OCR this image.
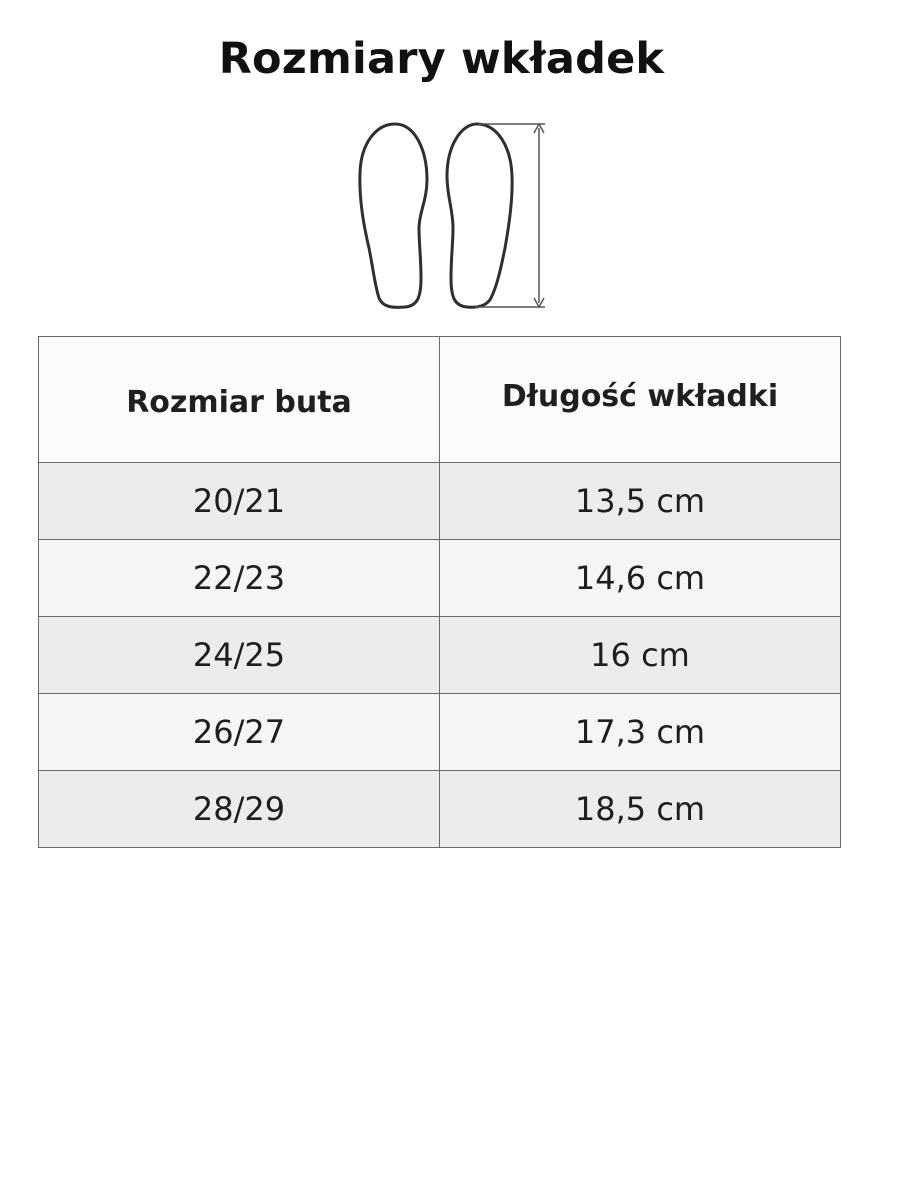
Rozmiary wkładek
Rozmiar buta	Długość wkładki
20/21	13,5 cm
22/23	14,6 cm
24/25	16 cm
26/27	17,3 cm
28/29	18,5 cm
